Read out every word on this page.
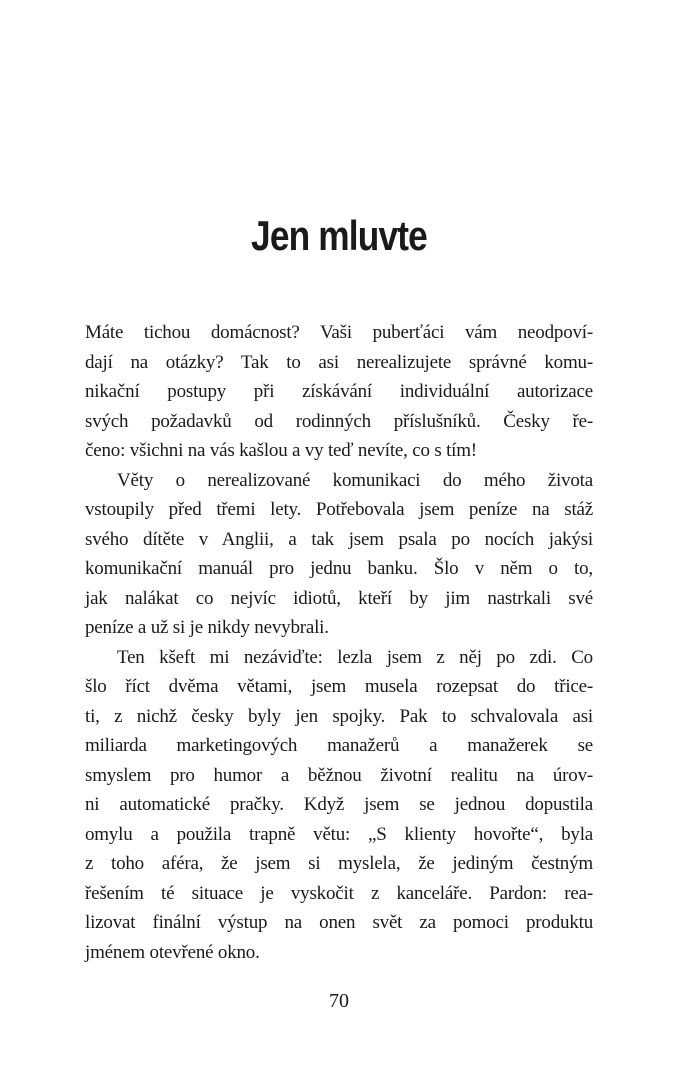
Jen mluvte

Máte tichou domácnost? Vaši puberťáci vám neodpoví-
dají na otázky? Tak to asi nerealizujete správné komu-
nikační postupy při získávání individuální autorizace
svých požadavků od rodinných příslušníků. Česky ře-
čeno: všichni na vás kašlou a vy teď nevíte, co s tím!

Věty o nerealizované komunikaci do mého života
vstoupily před třemi lety. Potřebovala jsem peníze na stáž
svého dítěte v Anglii, a tak jsem psala po nocích jakýsi
komunikační manuál pro jednu banku. Šlo v něm o to,
jak nalákat co nejvíc idiotů, kteří by jim nastrkali své
peníze a už si je nikdy nevybrali.

Ten kšeft mi nezáviďte: lezla jsem z něj po zdi. Co
šlo říct dvěma větami, jsem musela rozepsat do třice-
ti, z nichž česky byly jen spojky. Pak to schvalovala asi
miliarda marketingových manažerů a manažerek se
smyslem pro humor a běžnou životní realitu na úrov-
ni automatické pračky. Když jsem se jednou dopustila
omylu a použila trapně větu: „S klienty hovořte“, byla
z toho aféra, že jsem si myslela, že jediným čestným
řešením té situace je vyskočit z kanceláře. Pardon: rea-
lizovat finální výstup na onen svět za pomoci produktu
jménem otevřené okno.

70
